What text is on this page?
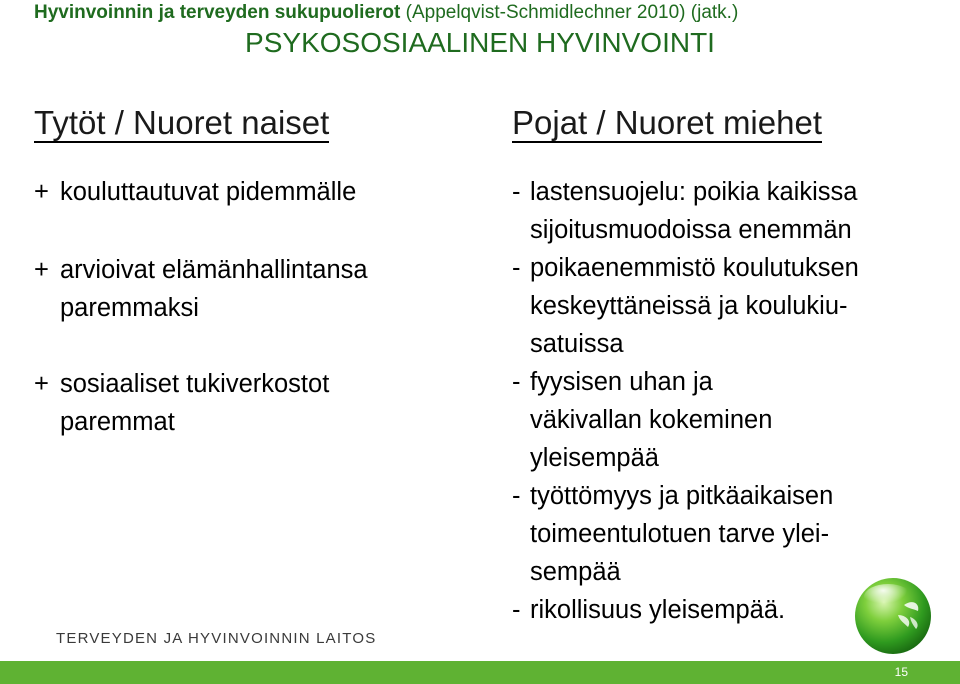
Hyvinvoinnin ja terveyden sukupuolierot (Appelqvist-Schmidlechner 2010) (jatk.)
PSYKOSOSIAALINEN HYVINVOINTI
Tytöt / Nuoret naiset	Pojat / Nuoret miehet
+ kouluttautuvat pidemmälle
+ arvioivat elämänhallintansa
paremmaksi
+ sosiaaliset tukiverkostot
paremmat
- lastensuojelu: poikia kaikissa
sijoitusmuodoissa enemmän
- poikaenemmistö koulutuksen
keskeyttäneissä ja koulukiu-
satuissa
- fyysisen uhan ja
väkivallan kokeminen
yleisempää
- työttömyys ja pitkäaikaisen
toimeentulotuen tarve ylei-
sempää
- rikollisuus yleisempää.
TERVEYDEN JA HYVINVOINNIN LAITOS
15
